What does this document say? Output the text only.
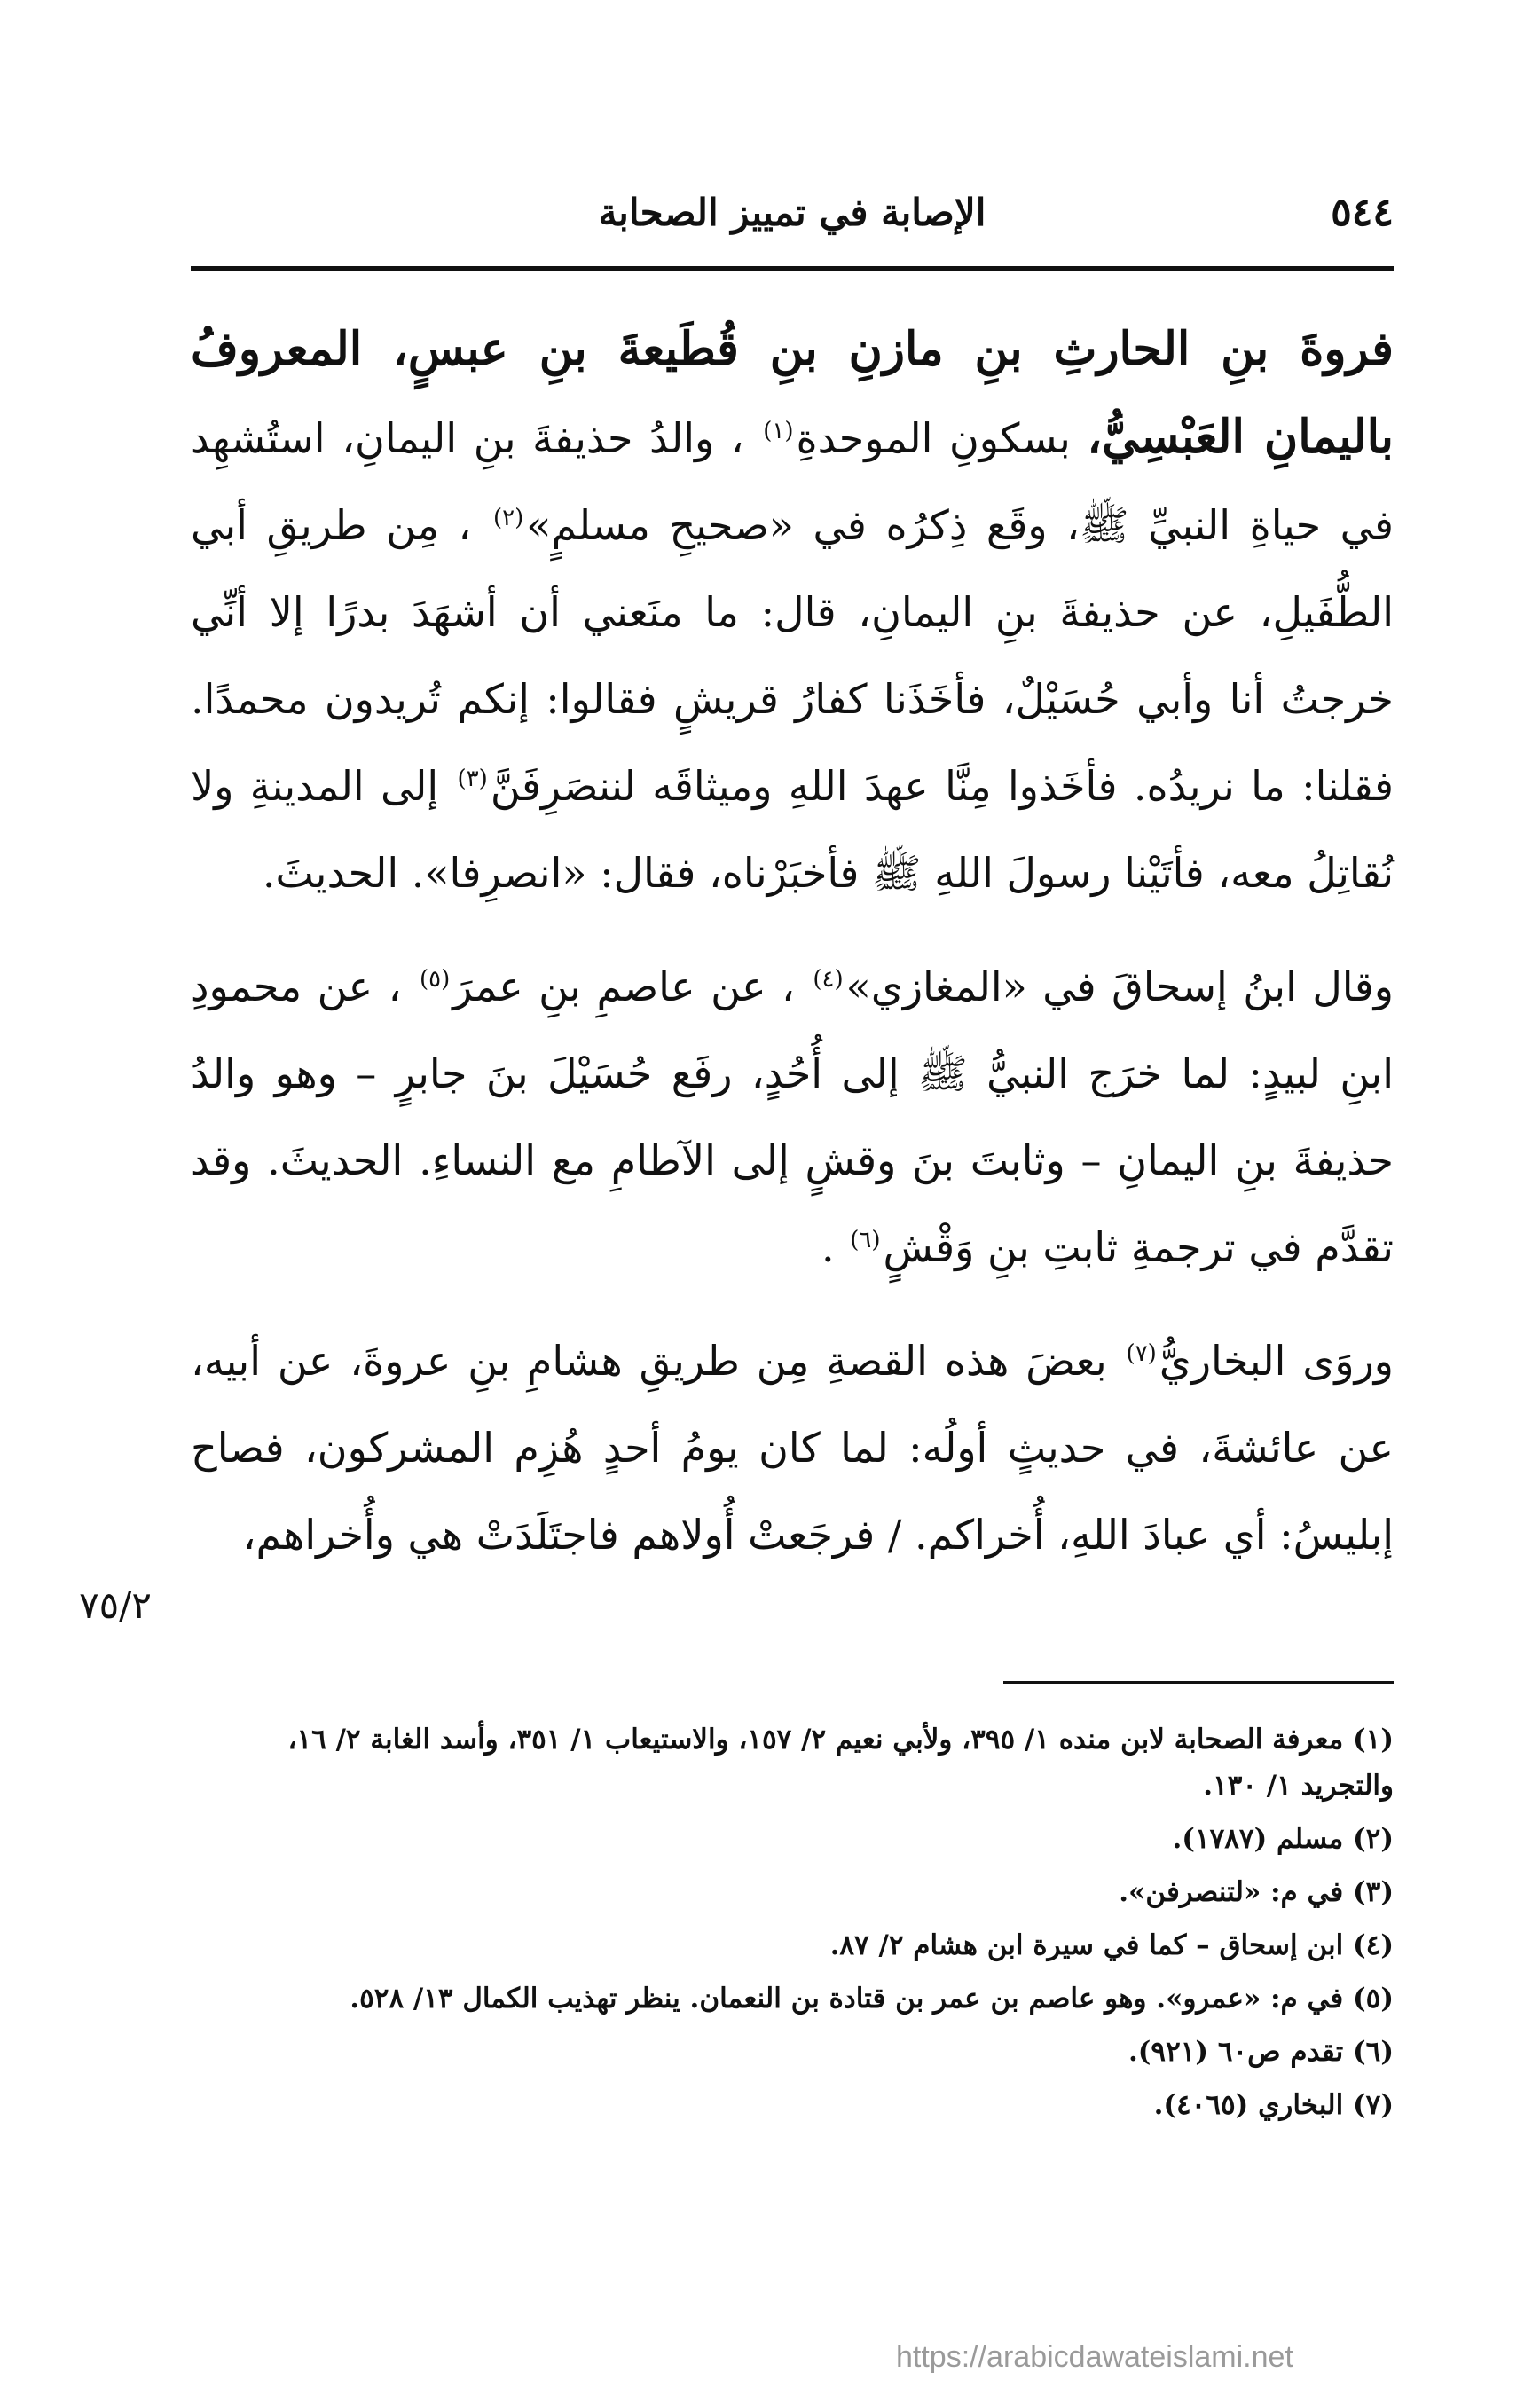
٥٤٤
الإصابة في تمييز الصحابة

فروةَ بنِ الحارثِ بنِ مازنِ بنِ قُطَيعةَ بنِ عبسٍ، المعروفُ باليمانِ العَبْسِيُّ، بسكونِ الموحدةِ$^{(١)}$ ، والدُ حذيفةَ بنِ اليمانِ، استُشهِد في حياةِ النبيِّ ﷺ، وقَع ذِكرُه في «صحيحِ مسلمٍ»$^{(٢)}$ ، مِن طريقِ أبي الطُّفَيلِ، عن حذيفةَ بنِ اليمانِ، قال: ما منَعني أن أشهَدَ بدرًا إلا أنِّي خرجتُ أنا وأبي حُسَيْلٌ، فأخَذَنا كفارُ قريشٍ فقالوا: إنكم تُريدون محمدًا. فقلنا: ما نريدُه. فأخَذوا مِنَّا عهدَ اللهِ وميثاقَه لننصَرِفَنَّ$^{(٣)}$ إلى المدينةِ ولا نُقاتِلُ معه، فأتَيْنا رسولَ اللهِ ﷺ فأخبَرْناه، فقال: «انصرِفا». الحديثَ.

وقال ابنُ إسحاقَ في «المغازي»$^{(٤)}$ ، عن عاصمِ بنِ عمرَ$^{(٥)}$ ، عن محمودِ ابنِ لبيدٍ: لما خرَج النبيُّ ﷺ إلى أُحُدٍ، رفَع حُسَيْلَ بنَ جابرٍ – وهو والدُ حذيفةَ بنِ اليمانِ – وثابتَ بنَ وقشٍ إلى الآطامِ مع النساءِ. الحديثَ. وقد تقدَّم في ترجمةِ ثابتِ بنِ وَقْشٍ$^{(٦)}$ .

وروَى البخاريُّ$^{(٧)}$ بعضَ هذه القصةِ مِن طريقِ هشامِ بنِ عروةَ، عن أبيه، عن عائشةَ، في حديثٍ أولُه: لما كان يومُ أحدٍ هُزِم المشركون، فصاح إبليسُ: أي عبادَ اللهِ، أُخراكم. / فرجَعتْ أُولاهم فاجتَلَدَتْ هي وأُخراهم،

٧٥/٢

(١) معرفة الصحابة لابن منده ١/ ٣٩٥، ولأبي نعيم ٢/ ١٥٧، والاستيعاب ١/ ٣٥١، وأسد الغابة ٢/ ١٦، والتجريد ١/ ١٣٠.

(٢) مسلم (١٧٨٧).

(٣) في م: «لتنصرفن».

(٤) ابن إسحاق – كما في سيرة ابن هشام ٢/ ٨٧.

(٥) في م: «عمرو». وهو عاصم بن عمر بن قتادة بن النعمان. ينظر تهذيب الكمال ١٣/ ٥٢٨.

(٦) تقدم ص٦٠ (٩٢١).

(٧) البخاري (٤٠٦٥).

https://arabicdawateislami.net
